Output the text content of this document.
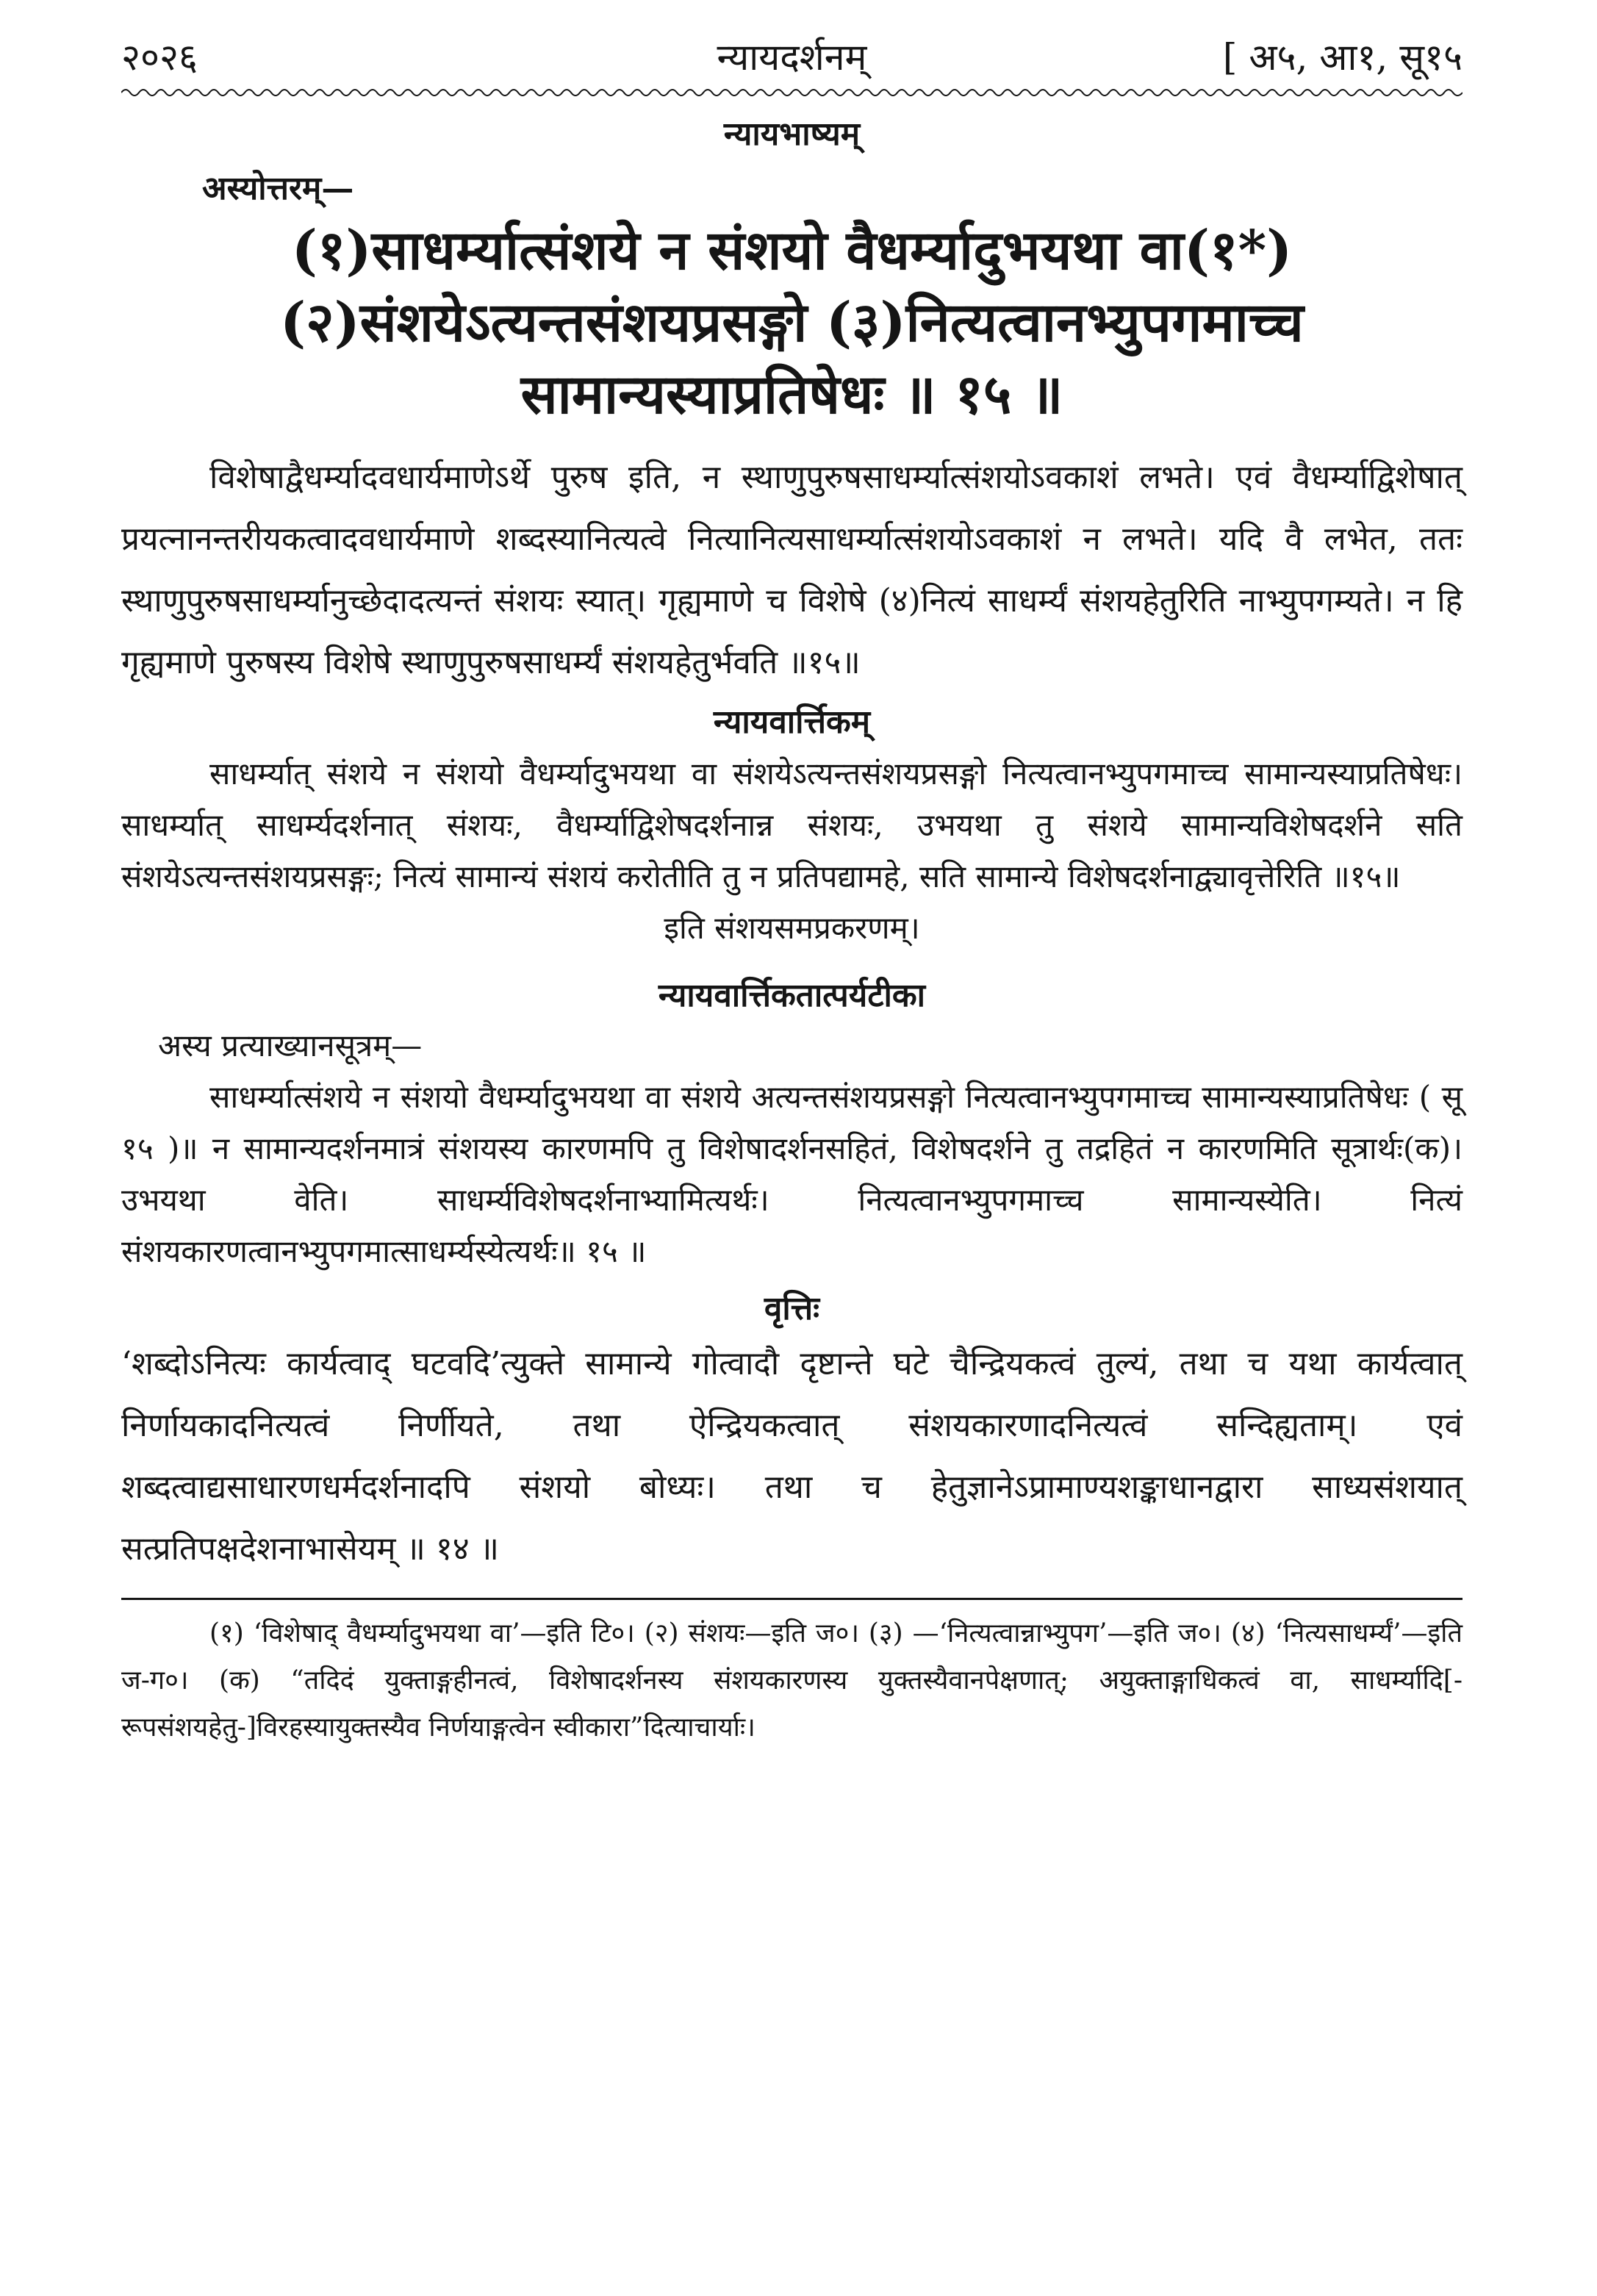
२०२६	न्यायदर्शनम्	[ अ५, आ१, सू१५
न्यायभाष्यम्
अस्योत्तरम्—
(१)साधर्म्यात्संशये न संशयो वैधर्म्यादुभयथा वा(१*)
(२)संशयेऽत्यन्तसंशयप्रसङ्गो (३)नित्यत्वानभ्युपगमाच्च
सामान्यस्याप्रतिषेधः ॥ १५ ॥
विशेषाद्वैधर्म्यादवधार्यमाणेऽर्थे पुरुष इति, न स्थाणुपुरुषसाधर्म्यात्संशयोऽवकाशं लभते। एवं वैधर्म्याद्विशेषात् प्रयत्नानन्तरीयकत्वादवधार्यमाणे शब्दस्यानित्यत्वे नित्यानित्यसाधर्म्यात्संशयोऽवकाशं न लभते। यदि वै लभेत, ततः स्थाणुपुरुषसाधर्म्यानुच्छेदादत्यन्तं संशयः स्यात्। गृह्यमाणे च विशेषे (४)नित्यं साधर्म्यं संशयहेतुरिति नाभ्युपगम्यते। न हि गृह्यमाणे पुरुषस्य विशेषे स्थाणुपुरुषसाधर्म्यं संशयहेतुर्भवति ॥१५॥
न्यायवार्त्तिकम्
साधर्म्यात् संशये न संशयो वैधर्म्यादुभयथा वा संशयेऽत्यन्तसंशयप्रसङ्गो नित्यत्वानभ्युपगमाच्च सामान्यस्याप्रतिषेधः। साधर्म्यात् साधर्म्यदर्शनात् संशयः, वैधर्म्याद्विशेषदर्शनान्न संशयः, उभयथा तु संशये सामान्यविशेषदर्शने सति संशयेऽत्यन्तसंशयप्रसङ्गः; नित्यं सामान्यं संशयं करोतीति तु न प्रतिपद्यामहे, सति सामान्ये विशेषदर्शनाद्व्यावृत्तेरिति ॥१५॥
इति संशयसमप्रकरणम्।
न्यायवार्त्तिकतात्पर्यटीका
अस्य प्रत्याख्यानसूत्रम्—
साधर्म्यात्संशये न संशयो वैधर्म्यादुभयथा वा संशये अत्यन्तसंशयप्रसङ्गो नित्यत्वानभ्युपगमाच्च सामान्यस्याप्रतिषेधः ( सू १५ )॥ न सामान्यदर्शनमात्रं संशयस्य कारणमपि तु विशेषादर्शनसहितं, विशेषदर्शने तु तद्रहितं न कारणमिति सूत्रार्थः(क)। उभयथा वेति। साधर्म्यविशेषदर्शनाभ्यामित्यर्थः। नित्यत्वानभ्युपगमाच्च सामान्यस्येति। नित्यं संशयकारणत्वानभ्युपगमात्साधर्म्यस्येत्यर्थः॥ १५ ॥
वृत्तिः
‘शब्दोऽनित्यः कार्यत्वाद् घटवदि’त्युक्ते सामान्ये गोत्वादौ दृष्टान्ते घटे चैन्द्रियकत्वं तुल्यं, तथा च यथा कार्यत्वात् निर्णायकादनित्यत्वं निर्णीयते, तथा ऐन्द्रियकत्वात् संशयकारणादनित्यत्वं सन्दिह्यताम्। एवं शब्दत्वाद्यसाधारणधर्मदर्शनादपि संशयो बोध्यः। तथा च हेतुज्ञानेऽप्रामाण्यशङ्काधानद्वारा साध्यसंशयात् सत्प्रतिपक्षदेशनाभासेयम् ॥ १४ ॥
(१) ‘विशेषाद् वैधर्म्यादुभयथा वा’—इति टि०। (२) संशयः—इति ज०। (३) —‘नित्यत्वान्नाभ्युपग’—इति ज०। (४) ‘नित्यसाधर्म्यं’—इति ज-ग०। (क) “तदिदं युक्ताङ्गहीनत्वं, विशेषादर्शनस्य संशयकारणस्य युक्तस्यैवानपेक्षणात्; अयुक्ताङ्गाधिकत्वं वा, साधर्म्यादि[-रूपसंशयहेतु-]विरहस्यायुक्तस्यैव निर्णयाङ्गत्वेन स्वीकारा”दित्याचार्याः।
